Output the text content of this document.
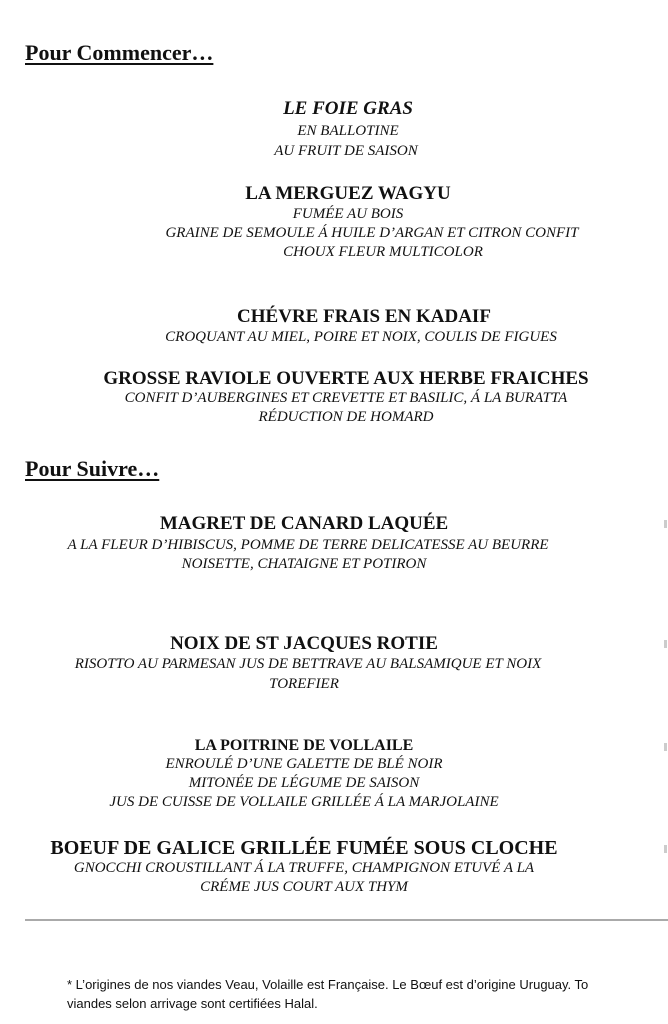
Pour Commencer…
LE FOIE GRAS
EN BALLOTINE
AU FRUIT DE SAISON
LA MERGUEZ WAGYU
FUMÉE AU BOIS
GRAINE DE SEMOULE Á HUILE D’ARGAN ET CITRON CONFIT
CHOUX FLEUR MULTICOLOR
CHÉVRE FRAIS EN KADAIF
CROQUANT AU MIEL, POIRE ET NOIX, COULIS DE FIGUES
GROSSE RAVIOLE OUVERTE AUX HERBE FRAICHES
CONFIT D’AUBERGINES ET CREVETTE ET BASILIC, Á LA BURATTA
RÉDUCTION DE HOMARD
Pour Suivre…
MAGRET DE CANARD LAQUÉE
A LA FLEUR D’HIBISCUS, POMME DE TERRE DELICATESSE AU BEURRE
NOISETTE, CHATAIGNE ET POTIRON
NOIX DE ST JACQUES ROTIE
RISOTTO AU PARMESAN JUS DE BETTRAVE AU BALSAMIQUE ET NOIX
TOREFIER
LA POITRINE DE VOLLAILE
ENROULÉ D’UNE GALETTE DE BLÉ NOIR
MITONÉE DE LÉGUME DE SAISON
JUS DE CUISSE DE VOLLAILE GRILLÉE Á LA MARJOLAINE
BOEUF DE GALICE GRILLÉE FUMÉE SOUS CLOCHE
GNOCCHI CROUSTILLANT Á LA TRUFFE, CHAMPIGNON ETUVÉ A LA
CRÉME JUS COURT AUX THYM
* L’origines de nos viandes Veau, Volaille est Française. Le Bœuf est d’origine Uruguay. To
viandes selon arrivage sont certifiées Halal.
